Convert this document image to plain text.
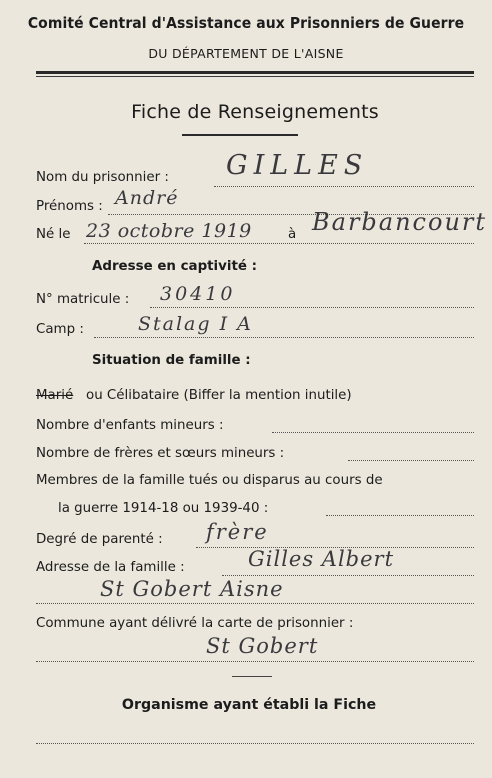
Comité Central d'Assistance aux Prisonniers de Guerre
DU DÉPARTEMENT DE L'AISNE
Fiche de Renseignements
Nom du prisonnier : GILLES
Prénoms : André
Né le 23 octobre 1919	à Barbancourt
Adresse en captivité :
N° matricule : 30410
Camp :	Stalag I A
Situation de famille :
Marié ou Célibataire (Biffer la mention inutile)
Nombre d'enfants mineurs :
Nombre de frères et sœurs mineurs :
Membres de la famille tués ou disparus au cours de
la guerre 1914-18 ou 1939-40 :
Degré de parenté : frère
Adresse de la famille :	Gilles Albert
St Gobert Aisne
Commune ayant délivré la carte de prisonnier :
St Gobert
Organisme ayant établi la Fiche
